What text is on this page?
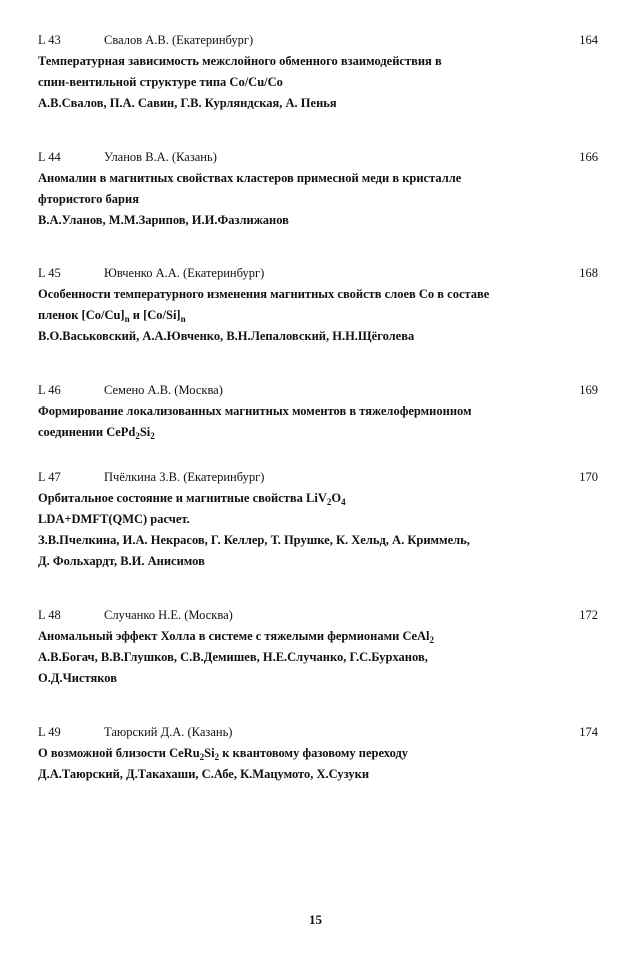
L 43	Свалов А.В. (Екатеринбург)	164
Температурная зависимость межслойного обменного взаимодействия в
спин-вентильной структуре типа Co/Cu/Co
А.В.Свалов, П.А. Савин, Г.В. Курляндская, А. Пенья
L 44	Уланов В.А. (Казань)	166
Аномалии в магнитных свойствах кластеров примесной меди в кристалле
фтористого бария
В.А.Уланов, М.М.Зарипов, И.И.Фазлижанов
L 45	Ювченко А.А. (Екатеринбург)	168
Особенности температурного изменения магнитных свойств слоев Co в составе
пленок $[Co/Cu]_n$ и $[Co/Si]_n$
В.О.Васьковский, А.А.Ювченко, В.Н.Лепаловский, Н.Н.Щёголева
L 46	Семено А.В. (Москва)	169
Формирование локализованных магнитных моментов в тяжелофермионном
соединении $CePd_2Si_2$
L 47	Пчёлкина З.В. (Екатеринбург)	170
Орбитальное состояние и магнитные свойства $LiV_2O_4$
LDA+DMFT(QMC) расчет.
З.В.Пчелкина, И.А. Некрасов, Г. Келлер, Т. Прушке, К. Хельд, А. Криммель,
Д. Фольхардт, В.И. Анисимов
L 48	Случанко Н.Е. (Москва)	172
Аномальный эффект Холла в системе с тяжелыми фермионами CeAl$_2$
А.В.Богач, В.В.Глушков, С.В.Демишев, Н.Е.Случанко, Г.С.Бурханов,
О.Д.Чистяков
L 49	Таюрский Д.А. (Казань)	174
О возможной близости $CeRu_2Si_2$ к квантовому фазовому переходу
Д.А.Таюрский, Д.Такахаши, С.Абе, К.Мацумото, Х.Сузуки
15
